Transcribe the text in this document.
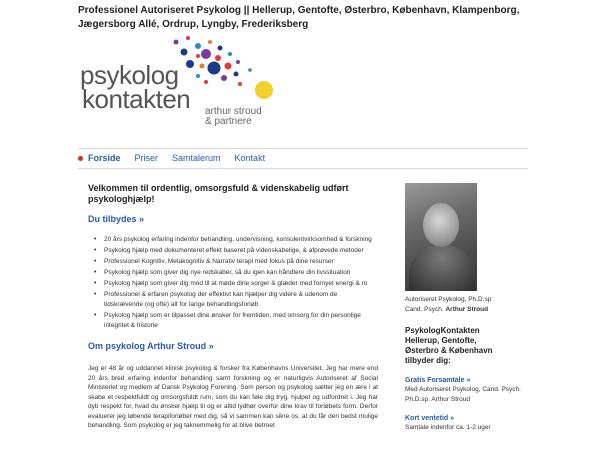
Professionel Autoriseret Psykolog || Hellerup, Gentofte, Østerbro, København, Klampenborg, Jægersborg Allé, Ordrup, Lyngby, Frederiksberg
psykolog
kontakten arthur stroud
& partnere
Forside Priser Samtalerum Kontakt
Velkommen til ordentlig, omsorgsfuld & videnskabelig udført psykologhjælp!
Du tilbydes »
• 20 års psykolog erfaring indenfor behandling, undervisning, konsulentvirksomhed & forskning
• Psykolog hjælp med dokumenteret effekt baseret på videnskabelige, & afprøvede metoder
• Professionel Kognitiv, Metakognitiv & Narrativ terapi med fokus på dine resurser
• Psykolog hjælp som giver dig nye redskaber, så du igen kan håndtere din livssituation
• Psykolog hjælp som giver dig mod til at møde dine sorger & glæder med fornyet energi & ro
• Professionel & erfaren psykolog der effektivt kan hjælper dig videre & udenom de tidskrævende (og ofte) alt for lange behandlingsforløb
• Psykolog hjælp som er tilpasset dine ønsker for fremtiden, med omsorg for din personlige integritet & historie
Om psykolog Arthur Stroud »

Jeg er 48 år og uddannet klinisk psykolog & forsker fra Københavns Universitet. Jeg har mere end 20 års bred erfaring indenfor behandling samt forskning og er naturligvis Autoriseret af Social Ministeriet og medlem af Dansk Psykolog Forening. Som person og psykolog sætter jeg en ære i at skabe et respektfuldt og omsorgsfuldt rum, som du kan føle dig tryg, hjulpet og udfordret i. Jeg har dyb respekt for, hvad du ønsker hjælp til og er altid lydhør overfor dine krav til forløbets form. Derfor evaluerer jeg løbende terapiforløbet med dig, så vi sammen kan sikre os, at du får den bedst mulige behandling. Som psykolog er jeg taknemmelig for at blive betroet

Autoriseret Psykolog, Ph.D.sp
Cand. Psych. Arthur Stroud
PsykologKontakten
Hellerup, Gentofte,
Østerbro & København
tilbyder dig:
Gratis Forsamtale »
Med Autoriseret Psykolog, Cand. Psych. Ph.D.sp. Arthur Stroud
Kort ventetid »
Samtale indenfor ca. 1-2 uger
